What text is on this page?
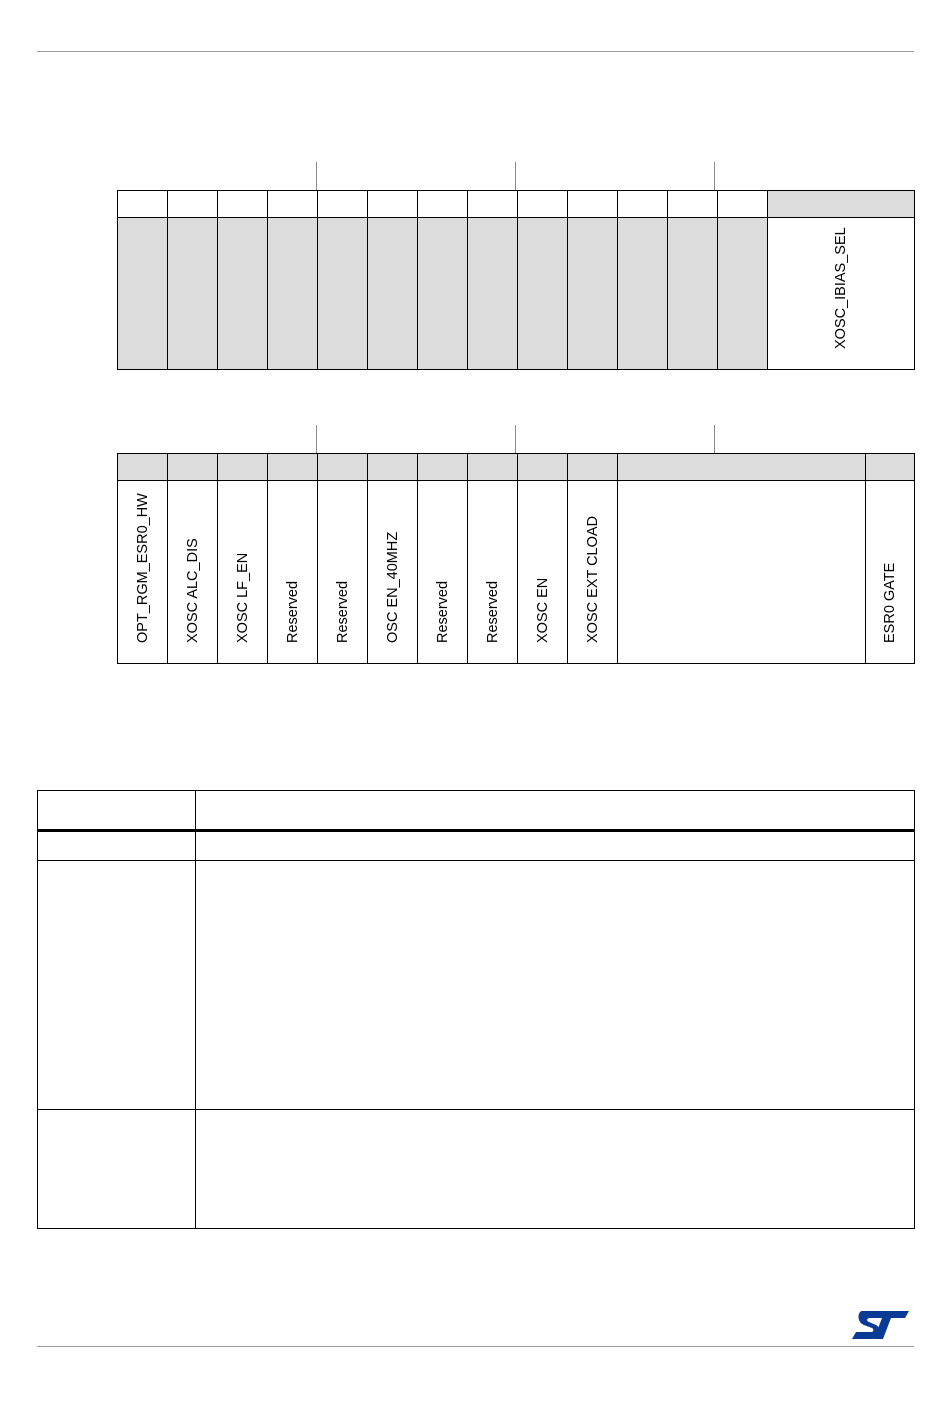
													XOSC_IBIAS_SEL

OPT_RGM_ESR0_HW	XOSC ALC_DIS	XOSC LF_EN	Reserved	Reserved	OSC EN_40MHZ	Reserved	Reserved	XOSC EN	XOSC EXT CLOAD		ESR0 GATE
